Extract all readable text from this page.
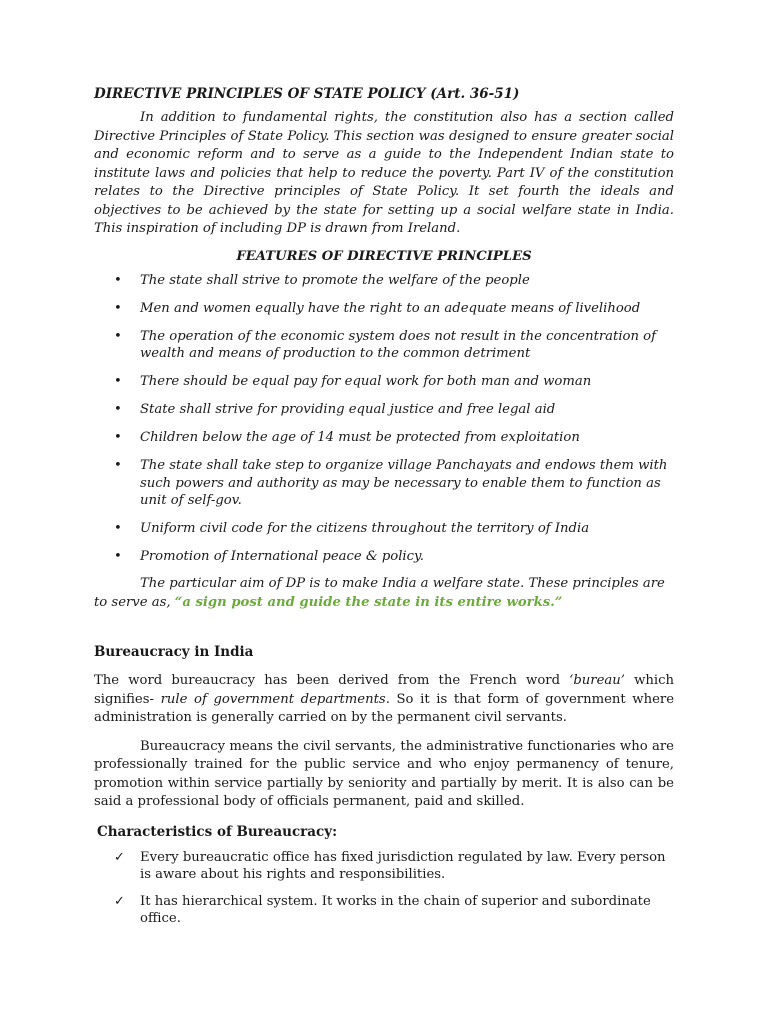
DIRECTIVE PRINCIPLES OF STATE POLICY (Art. 36-51)

In addition to fundamental rights, the constitution also has a section called Directive Principles of State Policy. This section was designed to ensure greater social and economic reform and to serve as a guide to the Independent Indian state to institute laws and policies that help to reduce the poverty. Part IV of the constitution relates to the Directive principles of State Policy. It set fourth the ideals and objectives to be achieved by the state for setting up a social welfare state in India. This inspiration of including DP is drawn from Ireland.

FEATURES OF DIRECTIVE PRINCIPLES
• The state shall strive to promote the welfare of the people
• Men and women equally have the right to an adequate means of livelihood
• The operation of the economic system does not result in the concentration of wealth and means of production to the common detriment
• There should be equal pay for equal work for both man and woman
• State shall strive for providing equal justice and free legal aid
• Children below the age of 14 must be protected from exploitation
• The state shall take step to organize village Panchayats and endows them with such powers and authority as may be necessary to enable them to function as unit of self-gov.
• Uniform civil code for the citizens throughout the territory of India
• Promotion of International peace & policy.

The particular aim of DP is to make India a welfare state. These principles are to serve as, “a sign post and guide the state in its entire works.”

Bureaucracy in India

The word bureaucracy has been derived from the French word ‘bureau’ which signifies- rule of government departments. So it is that form of government where administration is generally carried on by the permanent civil servants.

Bureaucracy means the civil servants, the administrative functionaries who are professionally trained for the public service and who enjoy permanency of tenure, promotion within service partially by seniority and partially by merit. It is also can be said a professional body of officials permanent, paid and skilled.

Characteristics of Bureaucracy:
✓ Every bureaucratic office has fixed jurisdiction regulated by law. Every person is aware about his rights and responsibilities.
✓ It has hierarchical system. It works in the chain of superior and subordinate office.
